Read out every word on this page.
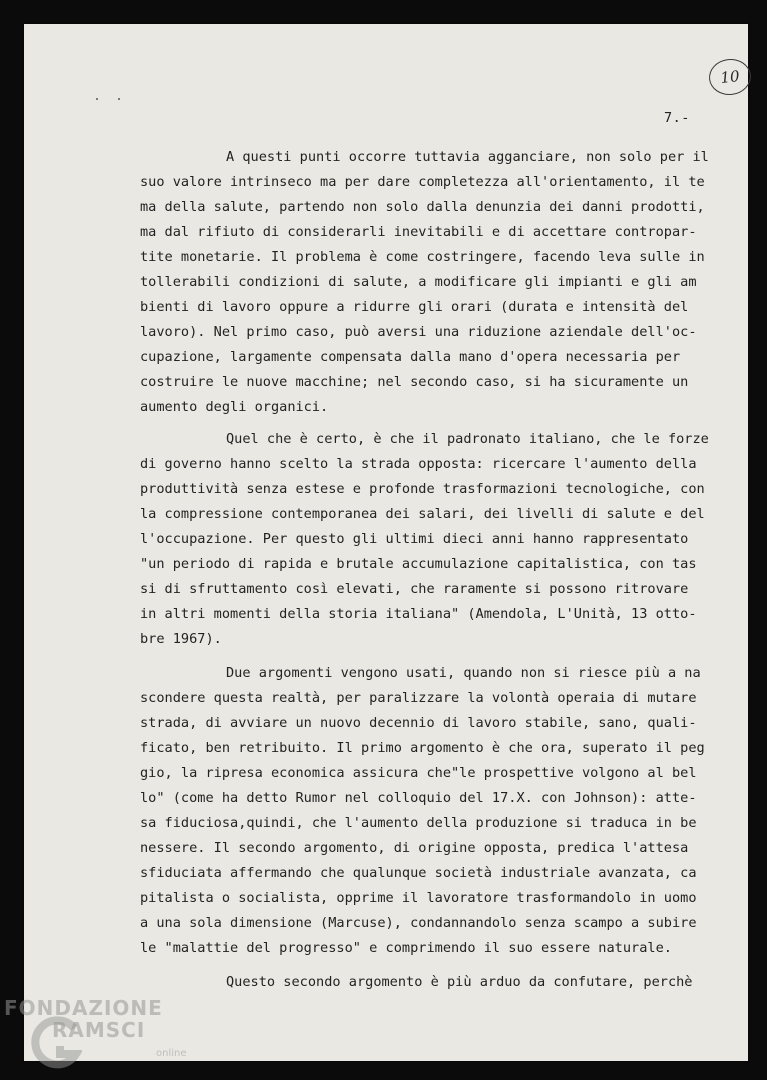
10
7.-
A questi punti occorre tuttavia agganciare, non solo per il
suo valore intrinseco ma per dare completezza all'orientamento, il te
ma della salute, partendo non solo dalla denunzia dei danni prodotti,
ma dal rifiuto di considerarli inevitabili e di accettare contropar-
tite monetarie. Il problema è come costringere, facendo leva sulle in
tollerabili condizioni di salute, a modificare gli impianti e gli am
bienti di lavoro oppure a ridurre gli orari (durata e intensità del
lavoro). Nel primo caso, può aversi una riduzione aziendale dell'oc-
cupazione, largamente compensata dalla mano d'opera necessaria per
costruire le nuove macchine; nel secondo caso, si ha sicuramente un
aumento degli organici.
Quel che è certo, è che il padronato italiano, che le forze
di governo hanno scelto la strada opposta: ricercare l'aumento della
produttività senza estese e profonde trasformazioni tecnologiche, con
la compressione contemporanea dei salari, dei livelli di salute e del
l'occupazione. Per questo gli ultimi dieci anni hanno rappresentato
"un periodo di rapida e brutale accumulazione capitalistica, con tas
si di sfruttamento così elevati, che raramente si possono ritrovare
in altri momenti della storia italiana" (Amendola, L'Unità, 13 otto-
bre 1967).
Due argomenti vengono usati, quando non si riesce più a na
scondere questa realtà, per paralizzare la volontà operaia di mutare
strada, di avviare un nuovo decennio di lavoro stabile, sano, quali-
ficato, ben retribuito. Il primo argomento è che ora, superato il peg
gio, la ripresa economica assicura che"le prospettive volgono al bel
lo" (come ha detto Rumor nel colloquio del 17.X. con Johnson): atte-
sa fiduciosa,quindi, che l'aumento della produzione si traduca in be
nessere. Il secondo argomento, di origine opposta, predica l'attesa
sfiduciata affermando che qualunque società industriale avanzata, ca
pitalista o socialista, opprime il lavoratore trasformandolo in uomo
a una sola dimensione (Marcuse), condannandolo senza scampo a subire
le "malattie del progresso" e comprimendo il suo essere naturale.
Questo secondo argomento è più arduo da confutare, perchè
FONDAZIONE
RAMSCI
online
